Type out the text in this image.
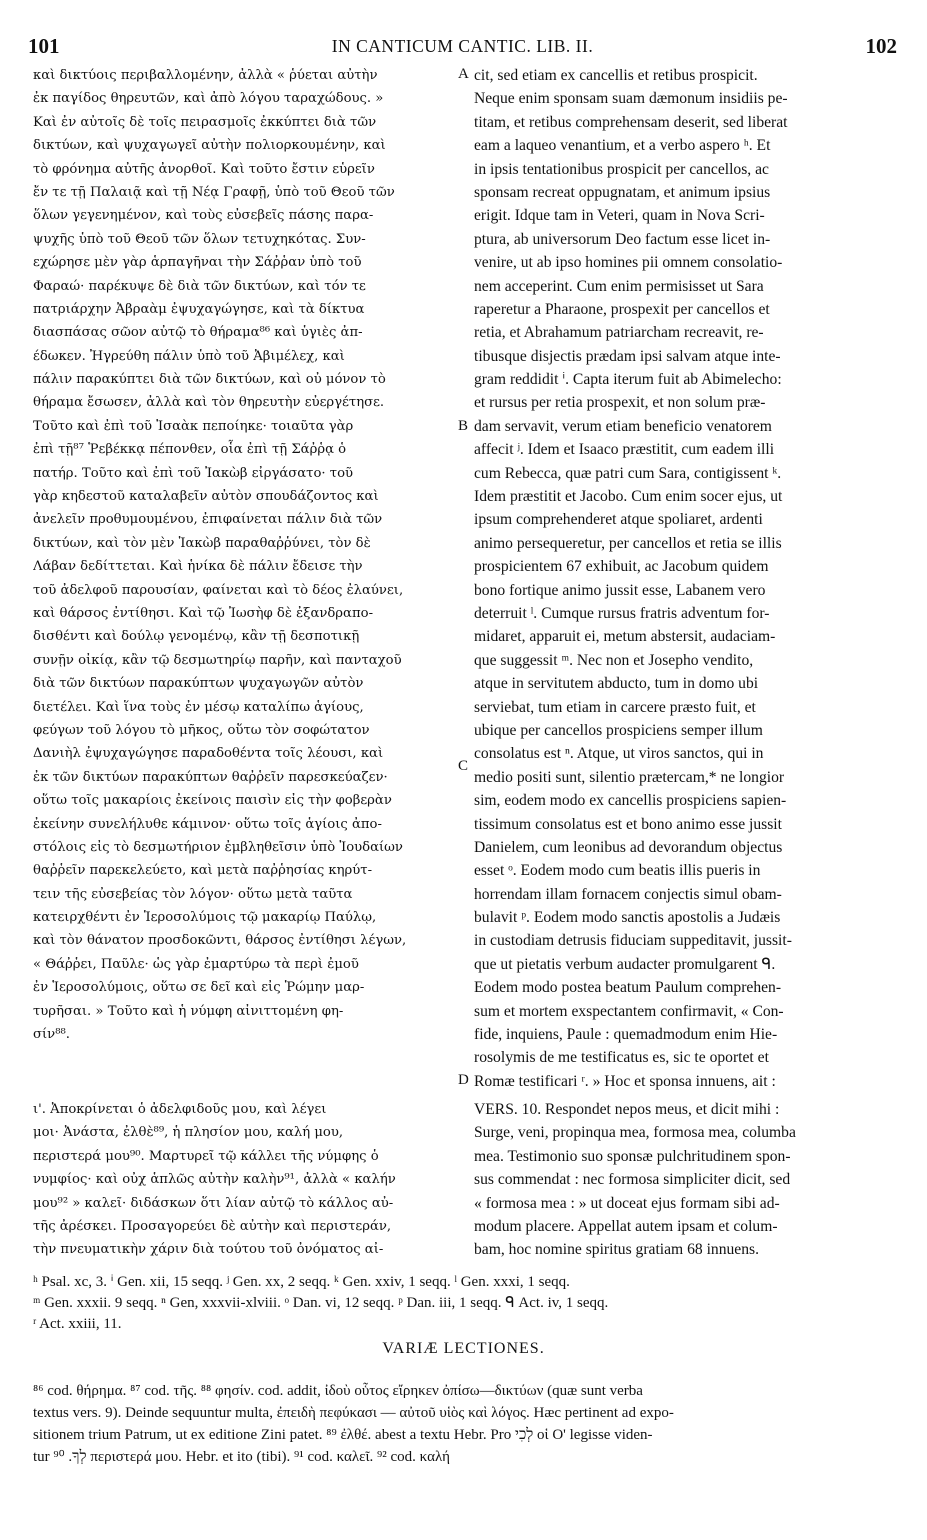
101	IN CANTICUM CANTIC. LIB. II.	102
καὶ δικτύοις περιβαλλομένην, ἀλλὰ « ῥύεται αὐτὴν
ἐκ παγίδος θηρευτῶν, καὶ ἀπὸ λόγου ταραχώδους. »
Καὶ ἐν αὐτοῖς δὲ τοῖς πειρασμοῖς ἐκκύπτει διὰ τῶν
δικτύων, καὶ ψυχαγωγεῖ αὐτὴν πολιορκουμένην, καὶ
τὸ φρόνημα αὐτῆς ἀνορθοῖ. Καὶ τοῦτο ἔστιν εὑρεῖν
ἔν τε τῇ Παλαιᾷ καὶ τῇ Νέᾳ Γραφῇ, ὑπὸ τοῦ Θεοῦ τῶν
ὅλων γεγενημένον, καὶ τοὺς εὐσεβεῖς πάσης παρα-
ψυχῆς ὑπὸ τοῦ Θεοῦ τῶν ὅλων τετυχηκότας. Συν-
εχώρησε μὲν γὰρ ἁρπαγῆναι τὴν Σάῤῥαν ὑπὸ τοῦ
Φαραώ· παρέκυψε δὲ διὰ τῶν δικτύων, καὶ τόν τε
πατριάρχην Ἀβραὰμ ἐψυχαγώγησε, καὶ τὰ δίκτυα
διασπάσας σῶον αὐτῷ τὸ θήραμα⁸⁶ καὶ ὑγιὲς ἀπ-
έδωκεν. Ἠγρεύθη πάλιν ὑπὸ τοῦ Ἀβιμέλεχ, καὶ
πάλιν παρακύπτει διὰ τῶν δικτύων, καὶ οὐ μόνον τὸ
θήραμα ἔσωσεν, ἀλλὰ καὶ τὸν θηρευτὴν εὐεργέτησε.
Τοῦτο καὶ ἐπὶ τοῦ Ἰσαὰκ πεποίηκε· τοιαῦτα γὰρ
ἐπὶ τῇ⁸⁷ Ῥεβέκκᾳ πέπονθεν, οἷα ἐπὶ τῇ Σάῤῥᾳ ὁ
πατήρ. Τοῦτο καὶ ἐπὶ τοῦ Ἰακὼβ εἰργάσατο· τοῦ
γὰρ κηδεστοῦ καταλαβεῖν αὐτὸν σπουδάζοντος καὶ
ἀνελεῖν προθυμουμένου, ἐπιφαίνεται πάλιν διὰ τῶν
δικτύων, καὶ τὸν μὲν Ἰακὼβ παραθαῤῥύνει, τὸν δὲ
Λάβαν δεδίττεται. Καὶ ἡνίκα δὲ πάλιν ἔδεισε τὴν
τοῦ ἀδελφοῦ παρουσίαν, φαίνεται καὶ τὸ δέος ἐλαύνει,
καὶ θάρσος ἐντίθησι. Καὶ τῷ Ἰωσὴφ δὲ ἐξανδραπο-
δισθέντι καὶ δούλῳ γενομένῳ, κἂν τῇ δεσποτικῇ
συνῇν οἰκίᾳ, κἂν τῷ δεσμωτηρίῳ παρῆν, καὶ πανταχοῦ
διὰ τῶν δικτύων παρακύπτων ψυχαγωγῶν αὐτὸν
διετέλει. Καὶ ἵνα τοὺς ἐν μέσῳ καταλίπω ἁγίους,
φεύγων τοῦ λόγου τὸ μῆκος, οὕτω τὸν σοφώτατον
Δανιὴλ ἐψυχαγώγησε παραδοθέντα τοῖς λέουσι, καὶ
ἐκ τῶν δικτύων παρακύπτων θαῤῥεῖν παρεσκεύαζεν·
οὕτω τοῖς μακαρίοις ἐκείνοις παισὶν εἰς τὴν φοβερὰν
ἐκείνην συνελήλυθε κάμινον· οὕτω τοῖς ἁγίοις ἀπο-
στόλοις εἰς τὸ δεσμωτήριον ἐμβληθεῖσιν ὑπὸ Ἰουδαίων
θαῤῥεῖν παρεκελεύετο, καὶ μετὰ παῤῥησίας κηρύτ-
τειν τῆς εὐσεβείας τὸν λόγον· οὕτω μετὰ ταῦτα
κατειρχθέντι ἐν Ἱεροσολύμοις τῷ μακαρίῳ Παύλῳ,
καὶ τὸν θάνατον προσδοκῶντι, θάρσος ἐντίθησι λέγων,
« Θάῤῥει, Παῦλε· ὡς γὰρ ἐμαρτύρω τὰ περὶ ἐμοῦ
ἐν Ἱεροσολύμοις, οὕτω σε δεῖ καὶ εἰς Ῥώμην μαρ-
τυρῆσαι. » Τοῦτο καὶ ἡ νύμφη αἰνιττομένη φη-
σίν⁸⁸.
cit, sed etiam ex cancellis et retibus prospicit.
Neque enim sponsam suam dæmonum insidiis pe-
titam, et retibus comprehensam deserit, sed liberat
eam a laqueo venantium, et a verbo aspero ʰ. Et
in ipsis tentationibus prospicit per cancellos, ac
sponsam recreat oppugnatam, et animum ipsius
erigit. Idque tam in Veteri, quam in Nova Scri-
ptura, ab universorum Deo factum esse licet in-
venire, ut ab ipso homines pii omnem consolatio-
nem acceperint. Cum enim permisisset ut Sara
raperetur a Pharaone, prospexit per cancellos et
retia, et Abrahamum patriarcham recreavit, re-
tibusque disjectis prædam ipsi salvam atque inte-
gram reddidit ⁱ. Capta iterum fuit ab Abimelecho:
et rursus per retia prospexit, et non solum præ-
dam servavit, verum etiam beneficio venatorem
affecit ʲ. Idem et Isaaco præstitit, cum eadem illi
cum Rebecca, quæ patri cum Sara, contigissent ᵏ.
Idem præstitit et Jacobo. Cum enim socer ejus, ut
ipsum comprehenderet atque spoliaret, ardenti
animo persequeretur, per cancellos et retia se illis
prospicientem 67 exhibuit, ac Jacobum quidem
bono fortique animo jussit esse, Labanem vero
deterruit ˡ. Cumque rursus fratris adventum for-
midaret, apparuit ei, metum abstersit, audaciam-
que suggessit ᵐ. Nec non et Josepho vendito,
atque in servitutem abducto, tum in domo ubi
serviebat, tum etiam in carcere præsto fuit, et
ubique per cancellos prospiciens semper illum
consolatus est ⁿ. Atque, ut viros sanctos, qui in
medio positi sunt, silentio prætercam,* ne longior
sim, eodem modo ex cancellis prospiciens sapien-
tissimum consolatus est et bono animo esse jussit
Danielem, cum leonibus ad devorandum objectus
esset ᵒ. Eodem modo cum beatis illis pueris in
horrendam illam fornacem conjectis simul obam-
bulavit ᵖ. Eodem modo sanctis apostolis a Judæis
in custodiam detrusis fiduciam suppeditavit, jussit-
que ut pietatis verbum audacter promulgarent ᑫ.
Eodem modo postea beatum Paulum comprehen-
sum et mortem exspectantem confirmavit, « Con-
fide, inquiens, Paule : quemadmodum enim Hie-
rosolymis de me testificatus es, sic te oportet et
Romæ testificari ʳ. » Hoc et sponsa innuens, ait :
A
B
C
D
ι'. Ἀποκρίνεται ὁ ἀδελφιδοῦς μου, καὶ λέγει
μοι· Ἀνάστα, ἐλθὲ⁸⁹, ἡ πλησίον μου, καλή μου,
περιστερά μου⁹⁰. Μαρτυρεῖ τῷ κάλλει τῆς νύμφης ὁ
νυμφίος· καὶ οὐχ ἁπλῶς αὐτὴν καλὴν⁹¹, ἀλλὰ « καλήν
μου⁹² » καλεῖ· διδάσκων ὅτι λίαν αὐτῷ τὸ κάλλος αὐ-
τῆς ἀρέσκει. Προσαγορεύει δὲ αὐτὴν καὶ περιστεράν,
τὴν πνευματικὴν χάριν διὰ τούτου τοῦ ὀνόματος αἰ-
VERS. 10. Respondet nepos meus, et dicit mihi :
Surge, veni, propinqua mea, formosa mea, columba
mea. Testimonio suo sponsæ pulchritudinem spon-
sus commendat : nec formosa simpliciter dicit, sed
« formosa mea : » ut doceat ejus formam sibi ad-
modum placere. Appellat autem ipsam et colum-
bam, hoc nomine spiritus gratiam 68 innuens.
ʰ Psal. xc, 3. ⁱ Gen. xii, 15 seqq. ʲ Gen. xx, 2 seqq. ᵏ Gen. xxiv, 1 seqq. ˡ Gen. xxxi, 1 seqq.
ᵐ Gen. xxxii. 9 seqq. ⁿ Gen, xxxvii-xlviii. ᵒ Dan. vi, 12 seqq. ᵖ Dan. iii, 1 seqq. ᑫ Act. iv, 1 seqq.
ʳ Act. xxiii, 11.
VARIÆ LECTIONES.
⁸⁶ cod. θήρημα. ⁸⁷ cod. τῆς. ⁸⁸ φησίν. cod. addit, ἰδοὺ οὗτος εἴρηκεν ὀπίσω—δικτύων (quæ sunt verba
textus vers. 9). Deinde sequuntur multa, ἐπειδὴ πεφύκασι — αὐτοῦ υἱὸς καὶ λόγος. Hæc pertinent ad expo-
sitionem trium Patrum, ut ex editione Zini patet. ⁸⁹ ἐλθέ. abest a textu Hebr. Pro לְכִי οἱ Ο' legisse viden-
tur לְךָ. ⁹⁰ περιστερά μου. Hebr. et ito (tibi). ⁹¹ cod. καλεῖ. ⁹² cod. καλή
